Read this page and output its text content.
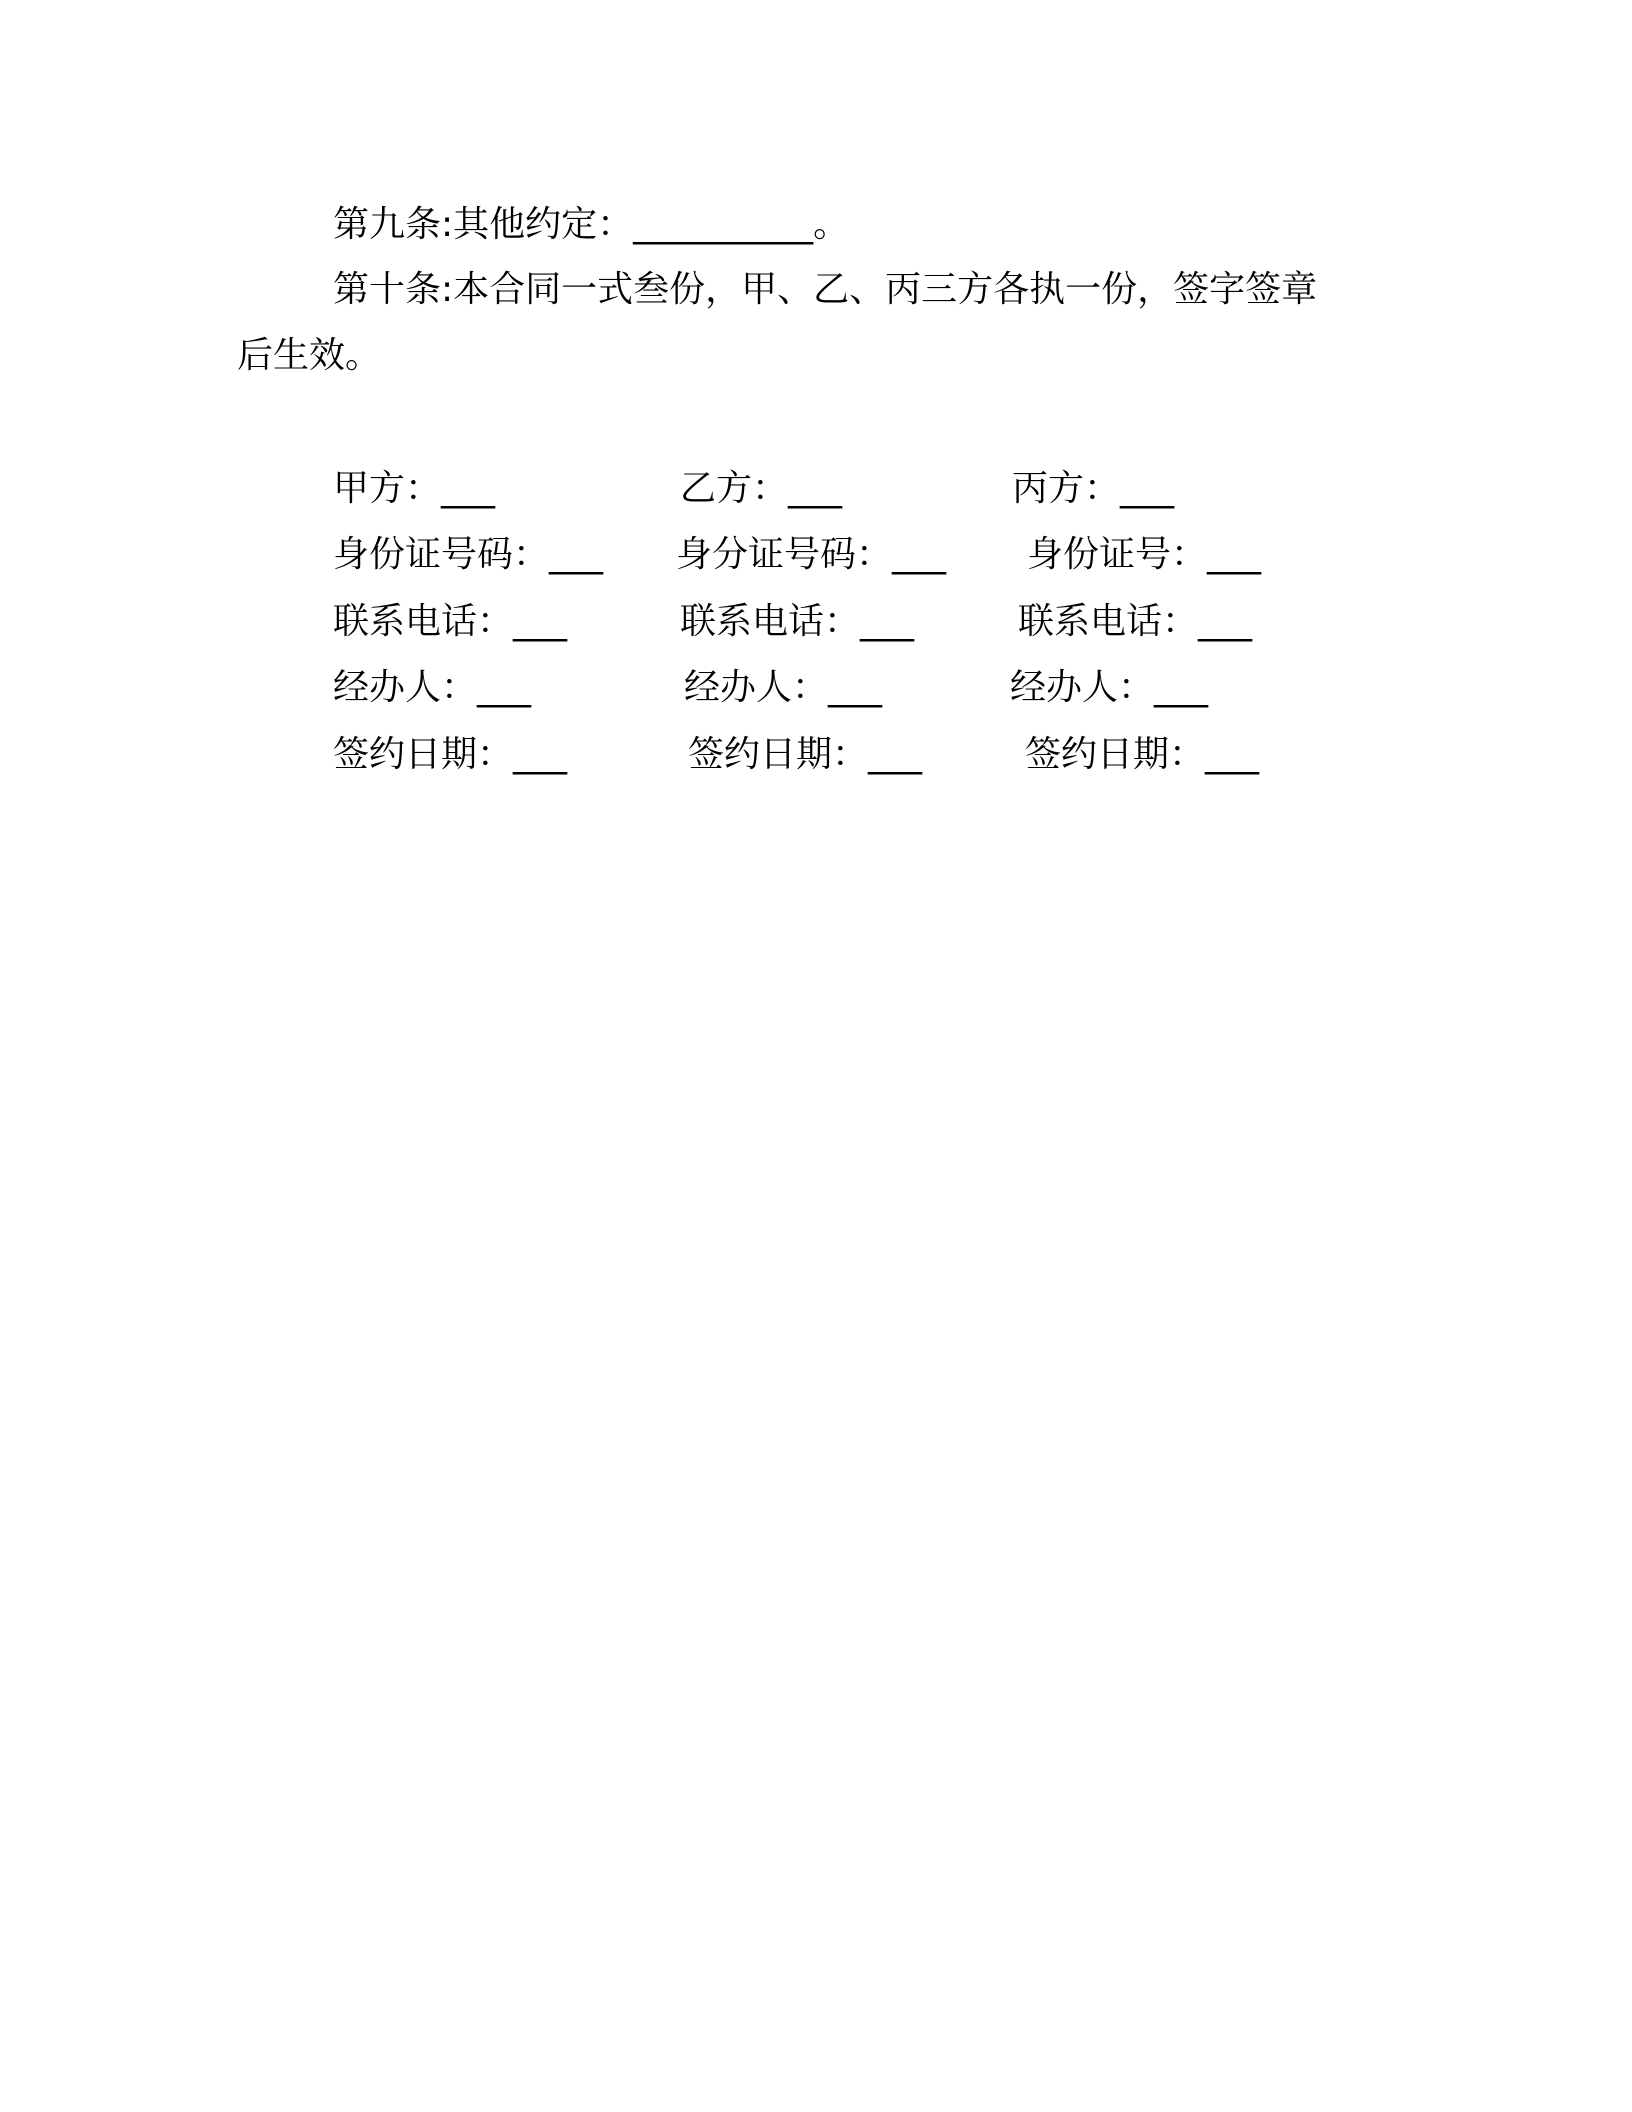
第九条:其他约定：__________。
第十条:本合同一式叁份，甲、乙、丙三方各执一份，签字签章
后生效。
甲方：___
身份证号码：___
联系电话：___
经办人：___
签约日期：___
乙方：___
身分证号码：___
联系电话：___
经办人：___
签约日期：___
丙方：___
身份证号：___
联系电话：___
经办人：___
签约日期：___
